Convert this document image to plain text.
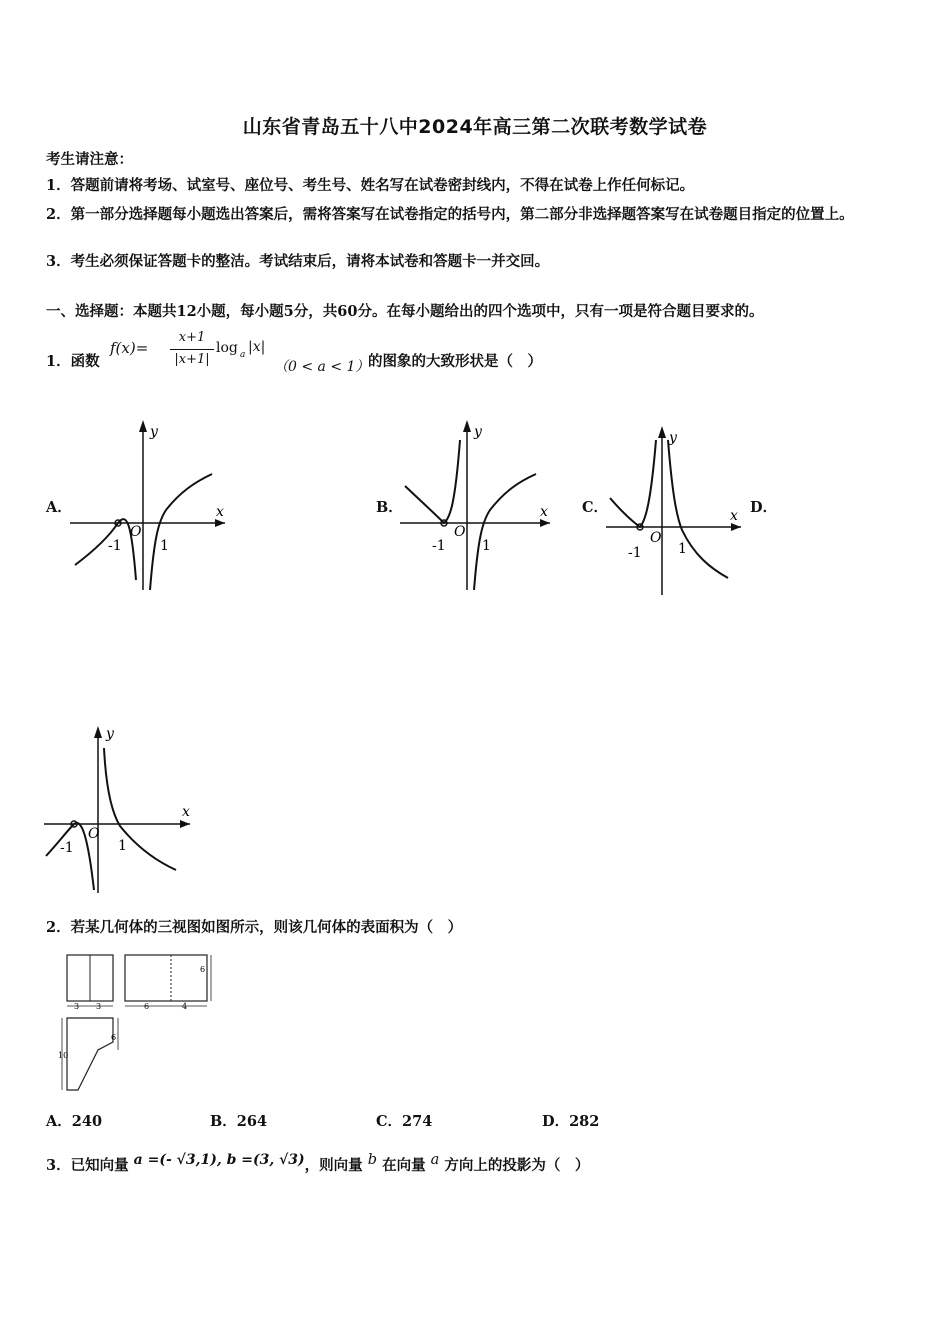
山东省青岛五十八中2024年高三第二次联考数学试卷
考生请注意：
1．答题前请将考场、试室号、座位号、考生号、姓名写在试卷密封线内，不得在试卷上作任何标记。
2．第一部分选择题每小题选出答案后，需将答案写在试卷指定的括号内，第二部分非选择题答案写在试卷题目指定的位置上。
3．考生必须保证答题卡的整洁。考试结束后，请将本试卷和答题卡一并交回。
一、选择题：本题共12小题，每小题5分，共60分。在每小题给出的四个选项中，只有一项是符合题目要求的。
1．函数
f(x)=
x+1
|x+1|
log a |x|
（0 < a < 1）
的图象的大致形状是（　）
A．	B．	C．	D．
x
y
-1	1
O
x
y
-1	1
O
x
y
-1	1
O
x
y
-1	1
O
2．若某几何体的三视图如图所示，则该几何体的表面积为（　）
3 3	6	4
6
6
10
A．240	B．264	C．274	D．282
3．已知向量 a =(- √3,1), b =(3, √3)，则向量 b 在向量 a 方向上的投影为（　）
